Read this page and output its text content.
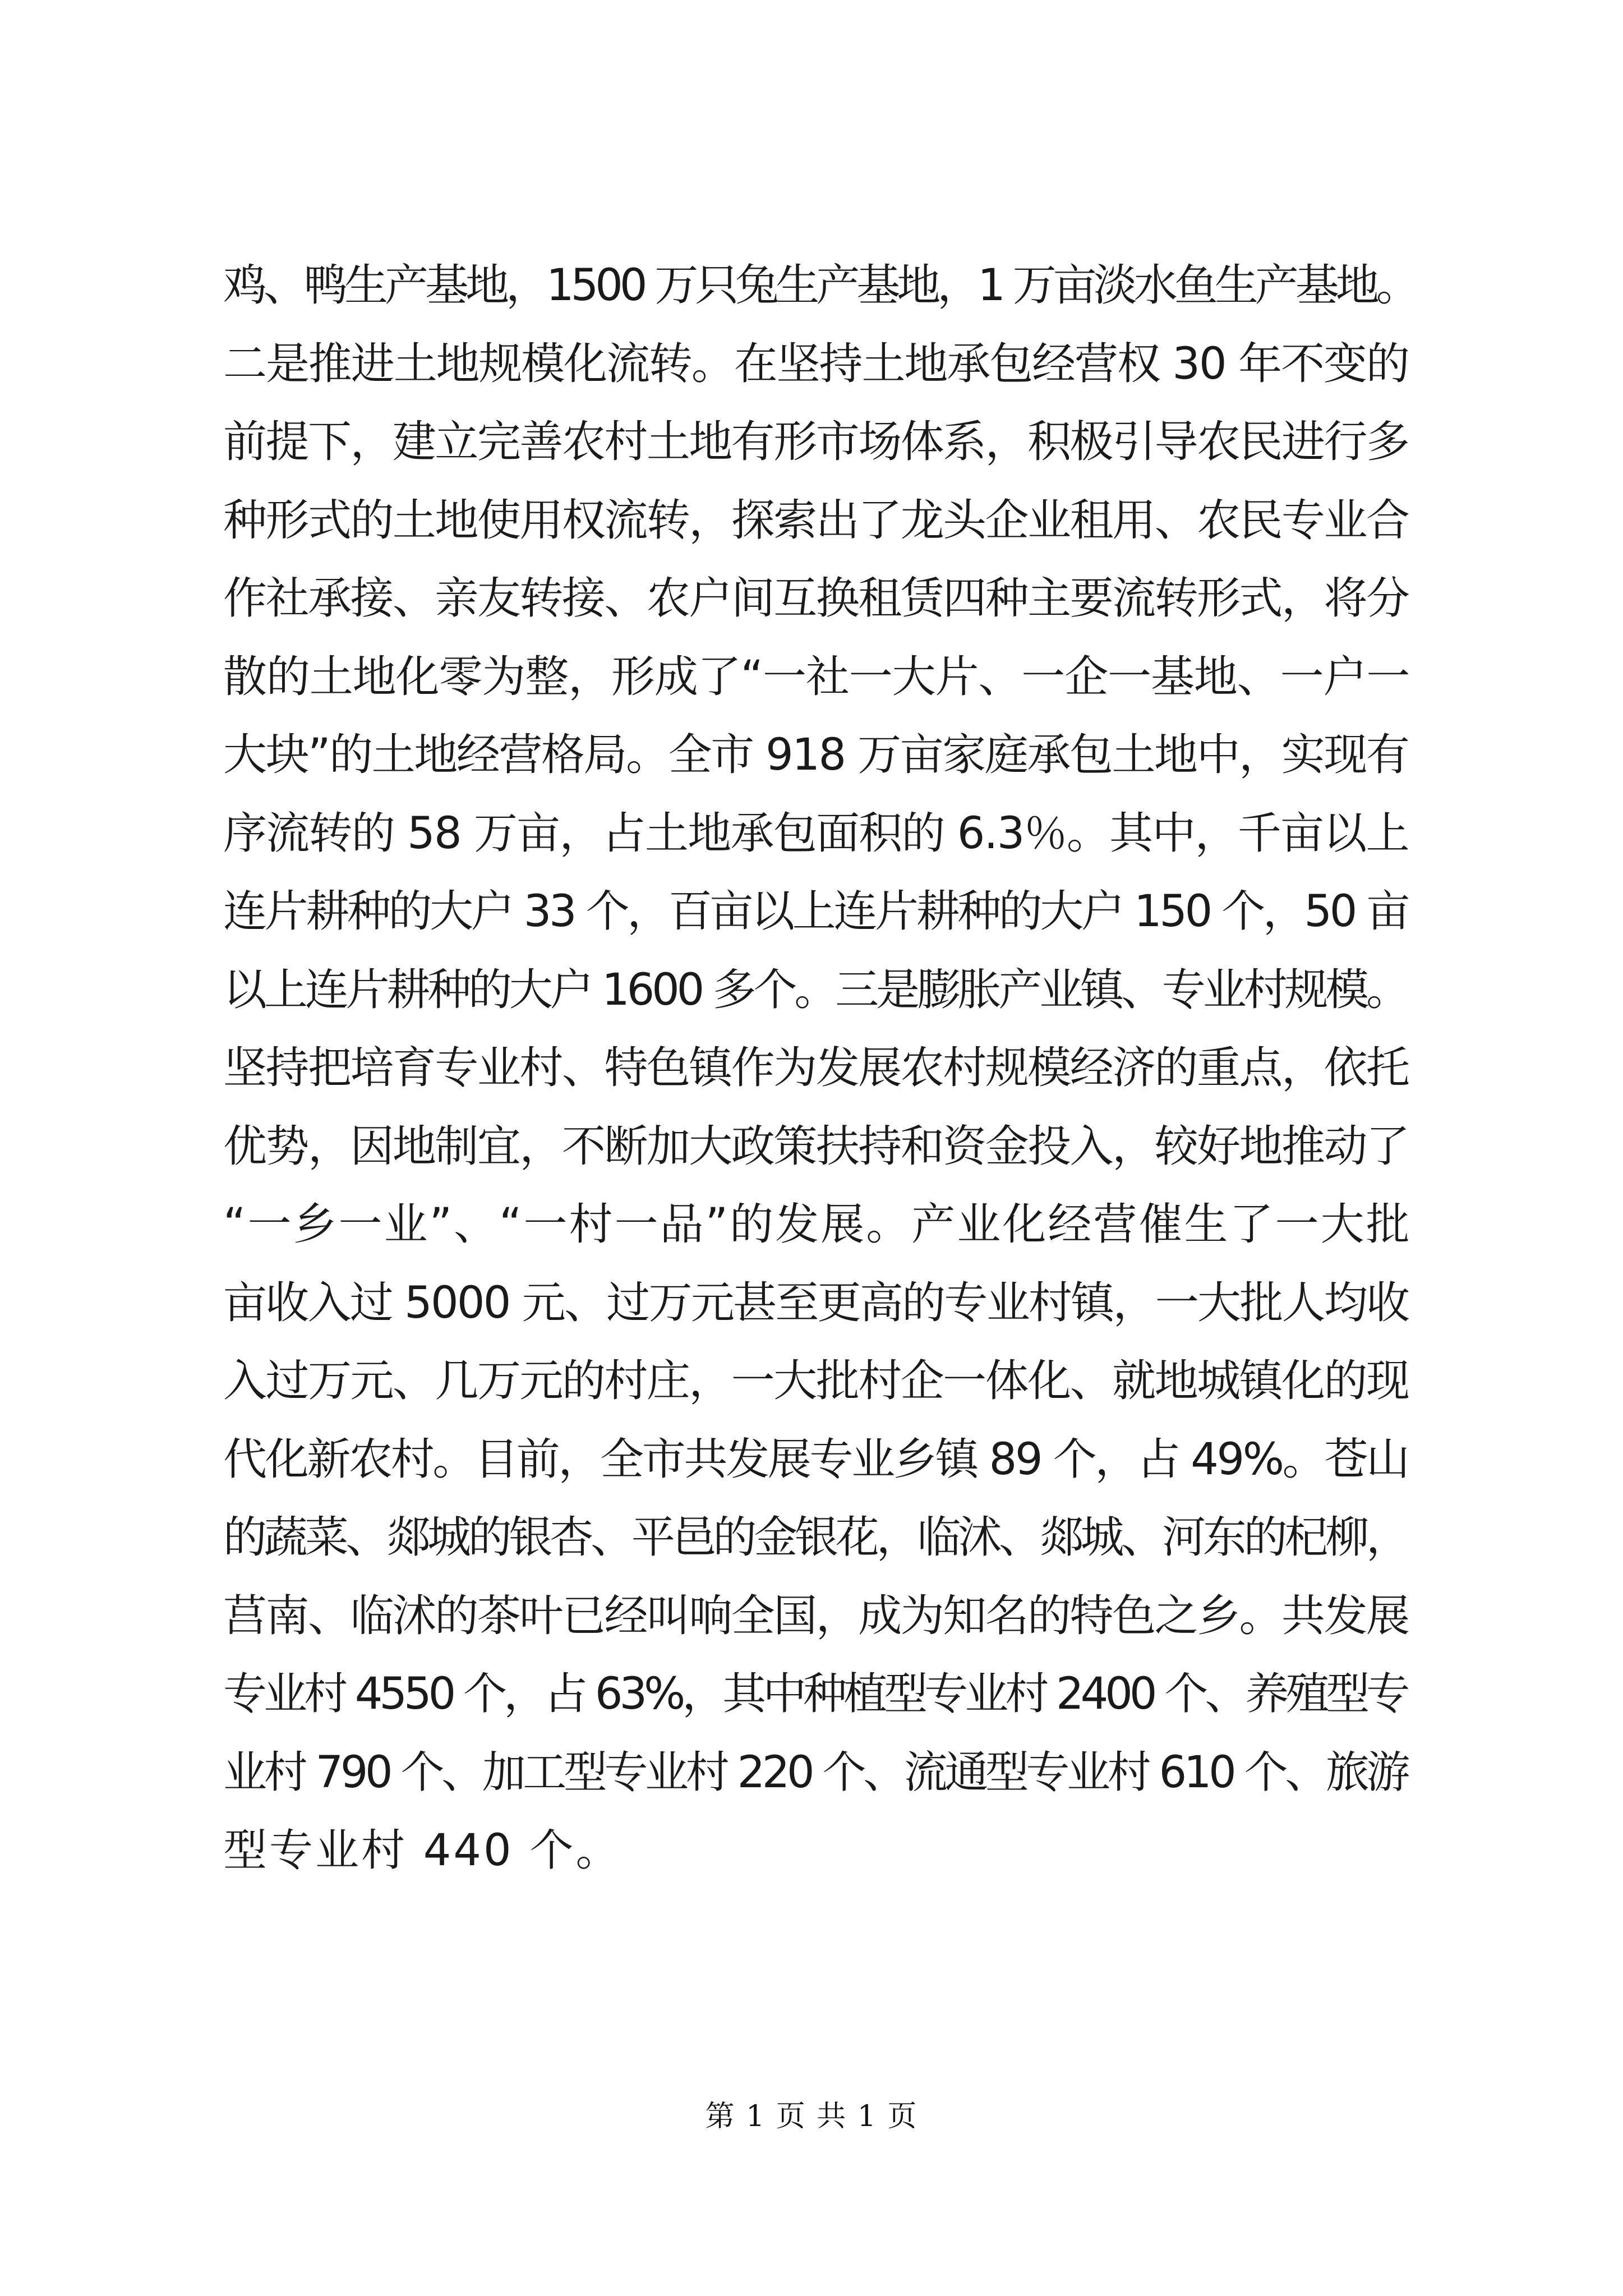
鸡、鸭生产基地，1500 万只兔生产基地，1 万亩淡水鱼生产基地。
二是推进土地规模化流转。在坚持土地承包经营权 30 年不变的
前提下，建立完善农村土地有形市场体系，积极引导农民进行多
种形式的土地使用权流转，探索出了龙头企业租用、农民专业合
作社承接、亲友转接、农户间互换租赁四种主要流转形式，将分
散的土地化零为整，形成了“一社一大片、一企一基地、一户一
大块”的土地经营格局。全市 918 万亩家庭承包土地中，实现有
序流转的 58 万亩，占土地承包面积的 6.3％。其中，千亩以上
连片耕种的大户 33 个，百亩以上连片耕种的大户 150 个，50 亩
以上连片耕种的大户 1600 多个。三是膨胀产业镇、专业村规模。
坚持把培育专业村、特色镇作为发展农村规模经济的重点，依托
优势，因地制宜，不断加大政策扶持和资金投入，较好地推动了
“一乡一业”、“一村一品”的发展。产业化经营催生了一大批
亩收入过 5000 元、过万元甚至更高的专业村镇，一大批人均收
入过万元、几万元的村庄，一大批村企一体化、就地城镇化的现
代化新农村。目前，全市共发展专业乡镇 89 个，占 49%。苍山
的蔬菜、郯城的银杏、平邑的金银花，临沭、郯城、河东的杞柳，
莒南、临沭的茶叶已经叫响全国，成为知名的特色之乡。共发展
专业村 4550 个，占 63%，其中种植型专业村 2400 个、养殖型专
业村 790 个、加工型专业村 220 个、流通型专业村 610 个、旅游
型专业村 440 个。
第 1 页 共 1 页
